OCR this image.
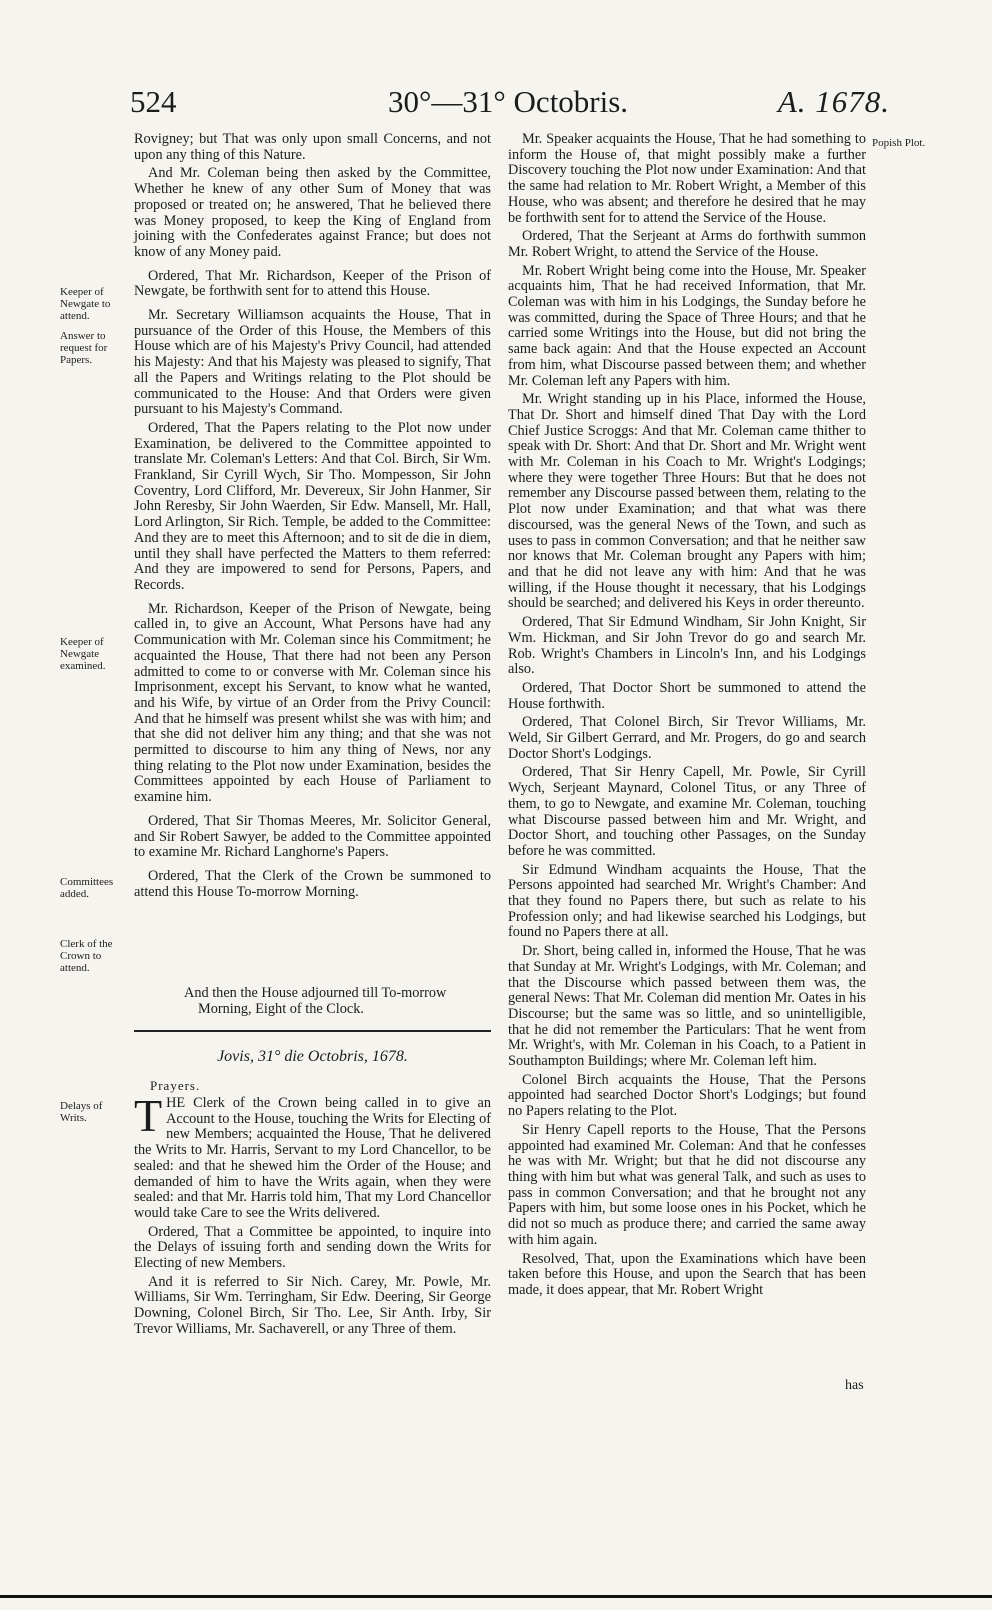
524	30°—31° Octobris.	A. 1678.

Rovigney; but That was only upon small Concerns, and not upon any thing of this Nature.

And Mr. Coleman being then asked by the Committee, Whether he knew of any other Sum of Money that was proposed or treated on; he answered, That he believed there was Money proposed, to keep the King of England from joining with the Confederates against France; but does not know of any Money paid.

Ordered, That Mr. Richardson, Keeper of the Prison of Newgate, be forthwith sent for to attend this House.

Mr. Secretary Williamson acquaints the House, That in pursuance of the Order of this House, the Members of this House which are of his Majesty's Privy Council, had attended his Majesty: And that his Majesty was pleased to signify, That all the Papers and Writings relating to the Plot should be communicated to the House: And that Orders were given pursuant to his Majesty's Command.

Ordered, That the Papers relating to the Plot now under Examination, be delivered to the Committee appointed to translate Mr. Coleman's Letters: And that Col. Birch, Sir Wm. Frankland, Sir Cyrill Wych, Sir Tho. Mompesson, Sir John Coventry, Lord Clifford, Mr. Devereux, Sir John Hanmer, Sir John Reresby, Sir John Waerden, Sir Edw. Mansell, Mr. Hall, Lord Arlington, Sir Rich. Temple, be added to the Committee: And they are to meet this Afternoon; and to sit de die in diem, until they shall have perfected the Matters to them referred: And they are impowered to send for Persons, Papers, and Records.

Mr. Richardson, Keeper of the Prison of Newgate, being called in, to give an Account, What Persons have had any Communication with Mr. Coleman since his Commitment; he acquainted the House, That there had not been any Person admitted to come to or converse with Mr. Coleman since his Imprisonment, except his Servant, to know what he wanted, and his Wife, by virtue of an Order from the Privy Council: And that he himself was present whilst she was with him; and that she did not deliver him any thing; and that she was not permitted to discourse to him any thing of News, nor any thing relating to the Plot now under Examination, besides the Committees appointed by each House of Parliament to examine him.

Ordered, That Sir Thomas Meeres, Mr. Solicitor General, and Sir Robert Sawyer, be added to the Committee appointed to examine Mr. Richard Langhorne's Papers.

Ordered, That the Clerk of the Crown be summoned to attend this House To-morrow Morning.

And then the House adjourned till To-morrow

Morning, Eight of the Clock.

Jovis, 31° die Octobris, 1678.
Prayers.

THE Clerk of the Crown being called in to give an Account to the House, touching the Writs for Electing of new Members; acquainted the House, That he delivered the Writs to Mr. Harris, Servant to my Lord Chancellor, to be sealed: and that he shewed him the Order of the House; and demanded of him to have the Writs again, when they were sealed: and that Mr. Harris told him, That my Lord Chancellor would take Care to see the Writs delivered.

Ordered, That a Committee be appointed, to inquire into the Delays of issuing forth and sending down the Writs for Electing of new Members.

And it is referred to Sir Nich. Carey, Mr. Powle, Mr. Williams, Sir Wm. Terringham, Sir Edw. Deering, Sir George Downing, Colonel Birch, Sir Tho. Lee, Sir Anth. Irby, Sir Trevor Williams, Mr. Sachaverell, or any Three of them.

Mr. Speaker acquaints the House, That he had something to inform the House of, that might possibly make a further Discovery touching the Plot now under Examination: And that the same had relation to Mr. Robert Wright, a Member of this House, who was absent; and therefore he desired that he may be forthwith sent for to attend the Service of the House.

Ordered, That the Serjeant at Arms do forthwith summon Mr. Robert Wright, to attend the Service of the House.

Mr. Robert Wright being come into the House, Mr. Speaker acquaints him, That he had received Information, that Mr. Coleman was with him in his Lodgings, the Sunday before he was committed, during the Space of Three Hours; and that he carried some Writings into the House, but did not bring the same back again: And that the House expected an Account from him, what Discourse passed between them; and whether Mr. Coleman left any Papers with him.

Mr. Wright standing up in his Place, informed the House, That Dr. Short and himself dined That Day with the Lord Chief Justice Scroggs: And that Mr. Coleman came thither to speak with Dr. Short: And that Dr. Short and Mr. Wright went with Mr. Coleman in his Coach to Mr. Wright's Lodgings; where they were together Three Hours: But that he does not remember any Discourse passed between them, relating to the Plot now under Examination; and that what was there discoursed, was the general News of the Town, and such as uses to pass in common Conversation; and that he neither saw nor knows that Mr. Coleman brought any Papers with him; and that he did not leave any with him: And that he was willing, if the House thought it necessary, that his Lodgings should be searched; and delivered his Keys in order thereunto.

Ordered, That Sir Edmund Windham, Sir John Knight, Sir Wm. Hickman, and Sir John Trevor do go and search Mr. Rob. Wright's Chambers in Lincoln's Inn, and his Lodgings also.

Ordered, That Doctor Short be summoned to attend the House forthwith.

Ordered, That Colonel Birch, Sir Trevor Williams, Mr. Weld, Sir Gilbert Gerrard, and Mr. Progers, do go and search Doctor Short's Lodgings.

Ordered, That Sir Henry Capell, Mr. Powle, Sir Cyrill Wych, Serjeant Maynard, Colonel Titus, or any Three of them, to go to Newgate, and examine Mr. Coleman, touching what Discourse passed between him and Mr. Wright, and Doctor Short, and touching other Passages, on the Sunday before he was committed.

Sir Edmund Windham acquaints the House, That the Persons appointed had searched Mr. Wright's Chamber: And that they found no Papers there, but such as relate to his Profession only; and had likewise searched his Lodgings, but found no Papers there at all.

Dr. Short, being called in, informed the House, That he was that Sunday at Mr. Wright's Lodgings, with Mr. Coleman; and that the Discourse which passed between them was, the general News: That Mr. Coleman did mention Mr. Oates in his Discourse; but the same was so little, and so unintelligible, that he did not remember the Particulars: That he went from Mr. Wright's, with Mr. Coleman in his Coach, to a Patient in Southampton Buildings; where Mr. Coleman left him.

Colonel Birch acquaints the House, That the Persons appointed had searched Doctor Short's Lodgings; but found no Papers relating to the Plot.

Sir Henry Capell reports to the House, That the Persons appointed had examined Mr. Coleman: And that he confesses he was with Mr. Wright; but that he did not discourse any thing with him but what was general Talk, and such as uses to pass in common Conversation; and that he brought not any Papers with him, but some loose ones in his Pocket, which he did not so much as produce there; and carried the same away with him again.

Resolved, That, upon the Examinations which have been taken before this House, and upon the Search that has been made, it does appear, that Mr. Robert Wright

has
Keeper of Newgate to attend.
Answer to request for Papers.
Keeper of Newgate examined.
Committees added.
Clerk of the Crown to attend.
Delays of Writs.
Popish Plot.
